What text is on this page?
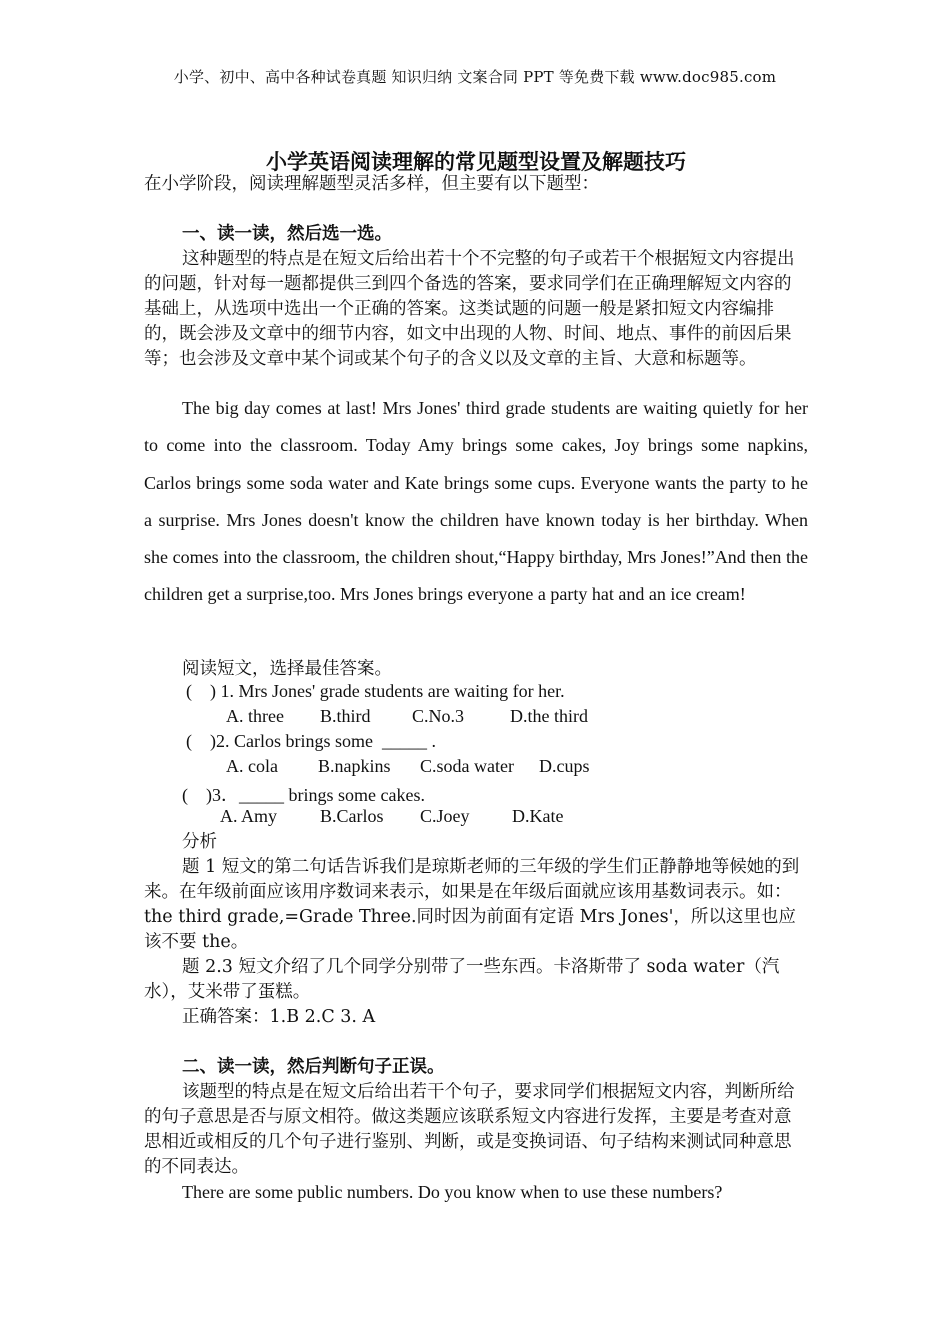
小学、初中、高中各种试卷真题 知识归纳 文案合同 PPT 等免费下载 www.doc985.com
小学英语阅读理解的常见题型设置及解题技巧
在小学阶段，阅读理解题型灵活多样，但主要有以下题型：
一、读一读，然后选一选。
这种题型的特点是在短文后给出若十个不完整的句子或若干个根据短文内容提出的问题，针对每一题都提供三到四个备选的答案，要求同学们在正确理解短文内容的基础上，从选项中选出一个正确的答案。这类试题的问题一般是紧扣短文内容编排的，既会涉及文章中的细节内容，如文中出现的人物、时间、地点、事件的前因后果等；也会涉及文章中某个词或某个句子的含义以及文章的主旨、大意和标题等。
The big day comes at last! Mrs Jones' third grade students are waiting quietly for her to come into the classroom. Today Amy brings some cakes, Joy brings some napkins, Carlos brings some soda water and Kate brings some cups. Everyone wants the party to he a surprise. Mrs Jones doesn't know the children have known today is her birthday. When she comes into the classroom, the children shout,“Happy birthday, Mrs Jones!”And then the children get a surprise,too. Mrs Jones brings everyone a party hat and an ice cream!
阅读短文，选择最佳答案。
(    ) 1. Mrs Jones' grade students are waiting for her.
A. three B.third C.No.3	D.the third
(    )2. Carlos brings some  _____ .
A. cola B.napkins C.soda water D.cups
(    )3．_____ brings some cakes.
A. Amy B.Carlos C.Joey D.Kate
分析
题 1 短文的第二句话告诉我们是琼斯老师的三年级的学生们正静静地等候她的到来。在年级前面应该用序数词来表示，如果是在年级后面就应该用基数词表示。如：the third grade,=Grade Three.同时因为前面有定语 Mrs Jones'，所以这里也应该不要 the。
题 2.3 短文介绍了几个同学分别带了一些东西。卡洛斯带了 soda water（汽水），艾米带了蛋糕。
正确答案：1.B 2.C 3. A
二、读一读，然后判断句子正误。
该题型的特点是在短文后给出若干个句子，要求同学们根据短文内容，判断所给的句子意思是否与原文相符。做这类题应该联系短文内容进行发挥，主要是考查对意思相近或相反的几个句子进行鉴别、判断，或是变换词语、句子结构来测试同种意思的不同表达。
There are some public numbers. Do you know when to use these numbers?
